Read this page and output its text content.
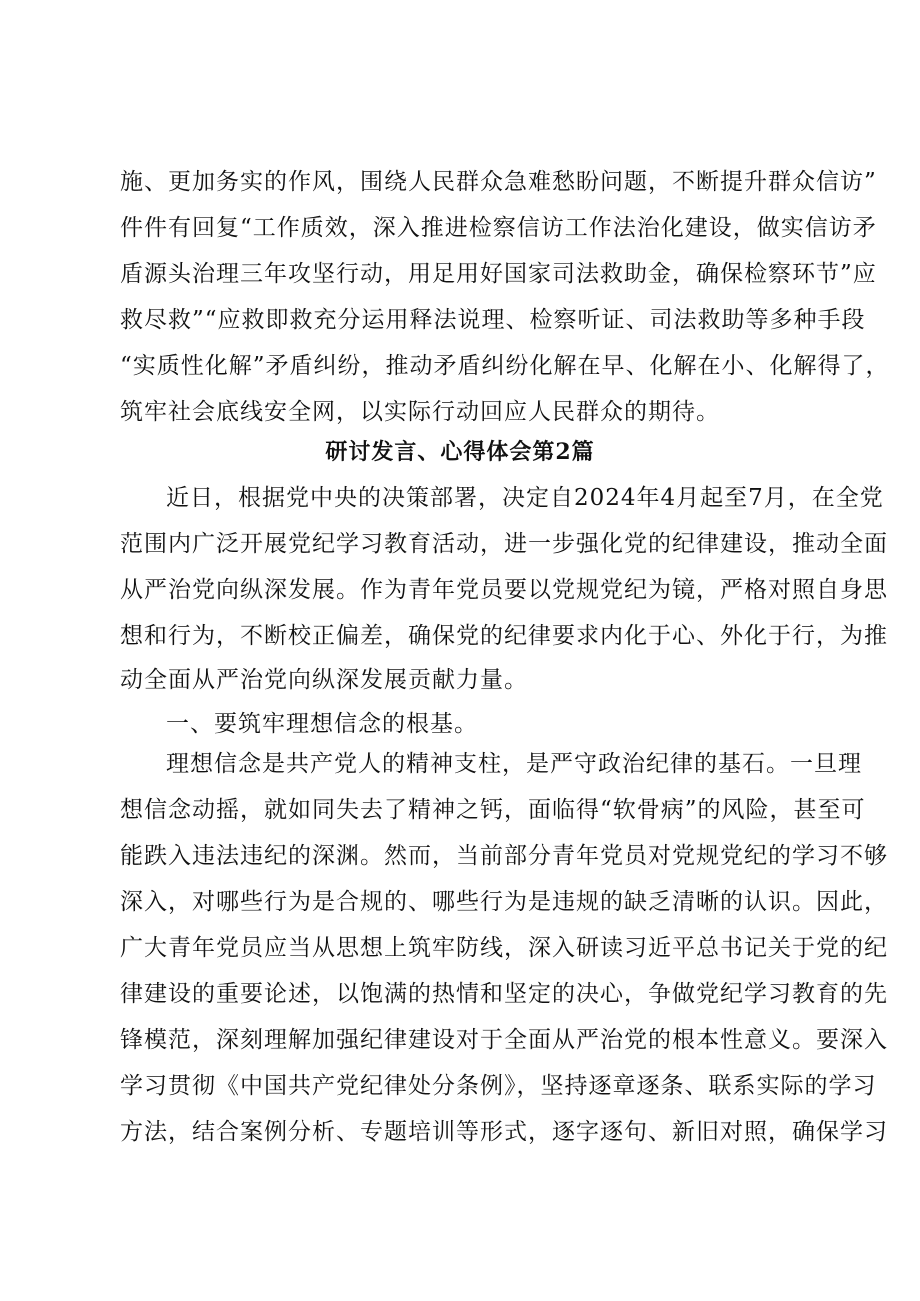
施、更加务实的作风，围绕人民群众急难愁盼问题，不断提升群众信访”
件件有回复“工作质效，深入推进检察信访工作法治化建设，做实信访矛
盾源头治理三年攻坚行动，用足用好国家司法救助金，确保检察环节”应
救尽救”“应救即救充分运用释法说理、检察听证、司法救助等多种手段
“实质性化解”矛盾纠纷，推动矛盾纠纷化解在早、化解在小、化解得了，
筑牢社会底线安全网，以实际行动回应人民群众的期待。
研讨发言、心得体会第2篇
近日，根据党中央的决策部署，决定自2024年4月起至7月，在全党
范围内广泛开展党纪学习教育活动，进一步强化党的纪律建设，推动全面
从严治党向纵深发展。作为青年党员要以党规党纪为镜，严格对照自身思
想和行为，不断校正偏差，确保党的纪律要求内化于心、外化于行，为推
动全面从严治党向纵深发展贡献力量。
一、要筑牢理想信念的根基。
理想信念是共产党人的精神支柱，是严守政治纪律的基石。一旦理
想信念动摇，就如同失去了精神之钙，面临得“软骨病”的风险，甚至可
能跌入违法违纪的深渊。然而，当前部分青年党员对党规党纪的学习不够
深入，对哪些行为是合规的、哪些行为是违规的缺乏清晰的认识。因此，
广大青年党员应当从思想上筑牢防线，深入研读习近平总书记关于党的纪
律建设的重要论述，以饱满的热情和坚定的决心，争做党纪学习教育的先
锋模范，深刻理解加强纪律建设对于全面从严治党的根本性意义。要深入
学习贯彻《中国共产党纪律处分条例》，坚持逐章逐条、联系实际的学习
方法，结合案例分析、专题培训等形式，逐字逐句、新旧对照，确保学习
